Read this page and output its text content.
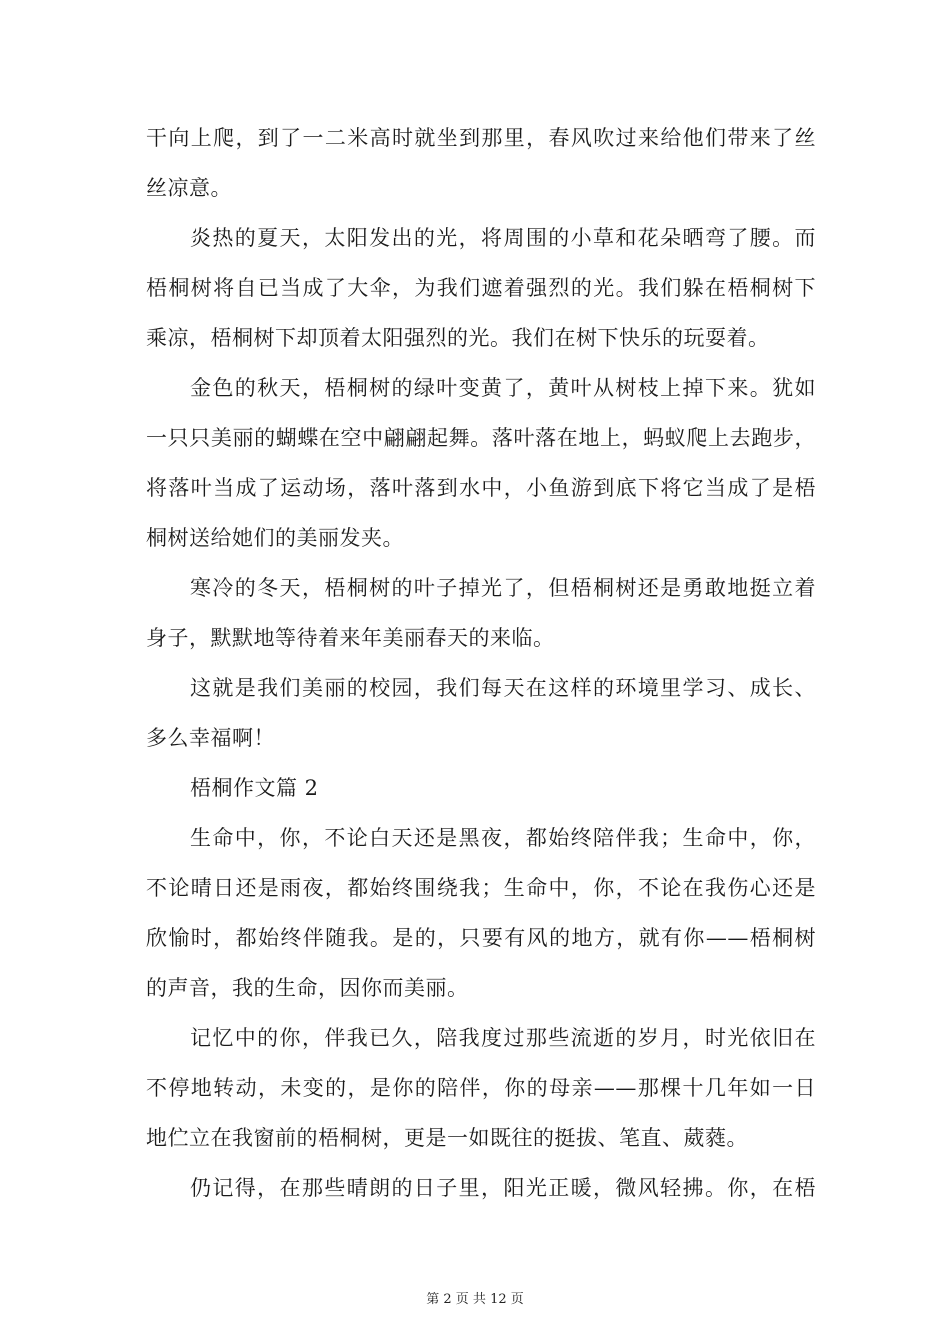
干向上爬，到了一二米高时就坐到那里，春风吹过来给他们带来了丝
丝凉意。
炎热的夏天，太阳发出的光，将周围的小草和花朵晒弯了腰。而
梧桐树将自已当成了大伞，为我们遮着强烈的光。我们躲在梧桐树下
乘凉，梧桐树下却顶着太阳强烈的光。我们在树下快乐的玩耍着。
金色的秋天，梧桐树的绿叶变黄了，黄叶从树枝上掉下来。犹如
一只只美丽的蝴蝶在空中翩翩起舞。落叶落在地上，蚂蚁爬上去跑步，
将落叶当成了运动场，落叶落到水中，小鱼游到底下将它当成了是梧
桐树送给她们的美丽发夹。
寒冷的冬天，梧桐树的叶子掉光了，但梧桐树还是勇敢地挺立着
身子，默默地等待着来年美丽春天的来临。
这就是我们美丽的校园，我们每天在这样的环境里学习、成长、
多么幸福啊！
梧桐作文篇 2
生命中，你，不论白天还是黑夜，都始终陪伴我；生命中，你，
不论晴日还是雨夜，都始终围绕我；生命中，你，不论在我伤心还是
欣愉时，都始终伴随我。是的，只要有风的地方，就有你——梧桐树
的声音，我的生命，因你而美丽。
记忆中的你，伴我已久，陪我度过那些流逝的岁月，时光依旧在
不停地转动，未变的，是你的陪伴，你的母亲——那棵十几年如一日
地伫立在我窗前的梧桐树，更是一如既往的挺拔、笔直、葳蕤。
仍记得，在那些晴朗的日子里，阳光正暖，微风轻拂。你，在梧
第 2 页 共 12 页
